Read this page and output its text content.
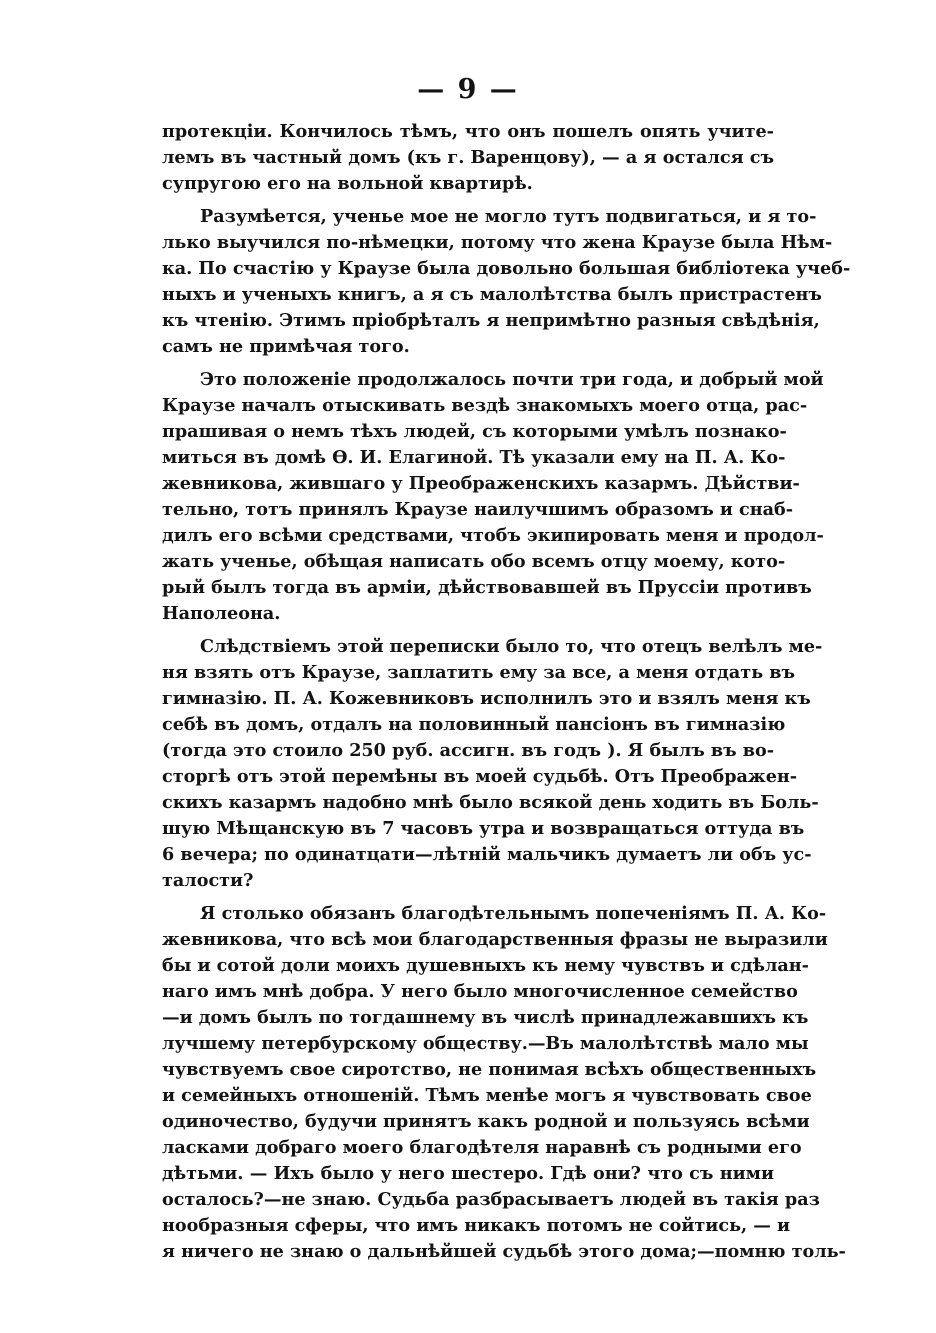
— 9 —
протекціи. Кончилось тѣмъ, что онъ пошелъ опять учите-
лемъ въ частный домъ (къ г. Варенцову), — а я остался съ
супругою его на вольной квартирѣ.
Разумѣется, ученье мое не могло тутъ подвигаться, и я то-
лько выучился по-нѣмецки, потому что жена Краузе была Нѣм-
ка. По счастію у Краузе была довольно большая библіотека учеб-
ныхъ и ученыхъ книгъ, а я съ малолѣтства былъ пристрастенъ
къ чтенію. Этимъ пріобрѣталъ я непримѣтно разныя свѣдѣнія,
самъ не примѣчая того.
Это положеніе продолжалось почти три года, и добрый мой
Краузе началъ отыскивать вездѣ знакомыхъ моего отца, рас-
прашивая о немъ тѣхъ людей, съ которыми умѣлъ познако-
миться въ домѣ Ѳ. И. Елагиной. Тѣ указали ему на П. А. Ко-
жевникова, жившаго у Преображенскихъ казармъ. Дѣйстви-
тельно, тотъ принялъ Краузе наилучшимъ образомъ и снаб-
дилъ его всѣми средствами, чтобъ экипировать меня и продол-
жать ученье, обѣщая написать обо всемъ отцу моему, кото-
рый былъ тогда въ арміи, дѣйствовавшей въ Пруссіи противъ
Наполеона.
Слѣдствіемъ этой переписки было то, что отецъ велѣлъ ме-
ня взять отъ Краузе, заплатить ему за все, а меня отдать въ
гимназію. П. А. Кожевниковъ исполнилъ это и взялъ меня къ
себѣ въ домъ, отдалъ на половинный пансіонъ въ гимназію
(тогда это стоило 250 руб. ассигн. въ годъ ). Я былъ въ во-
сторгѣ отъ этой перемѣны въ моей судьбѣ. Отъ Преображен-
скихъ казармъ надобно мнѣ было всякой день ходить въ Боль-
шую Мѣщанскую въ 7 часовъ утра и возвращаться оттуда въ
6 вечера; по одинатцати—лѣтній мальчикъ думаетъ ли объ ус-
талости?
Я столько обязанъ благодѣтельнымъ попеченіямъ П. А. Ко-
жевникова, что всѣ мои благодарственныя фразы не выразили
бы и сотой доли моихъ душевныхъ къ нему чувствъ и сдѣлан-
наго имъ мнѣ добра. У него было многочисленное семейство
—и домъ былъ по тогдашнему въ числѣ принадлежавшихъ къ
лучшему петербурскому обществу.—Въ малолѣтствѣ мало мы
чувствуемъ свое сиротство, не понимая всѣхъ общественныхъ
и семейныхъ отношеній. Тѣмъ менѣе могъ я чувствовать свое
одиночество, будучи принятъ какъ родной и пользуясь всѣми
ласками добраго моего благодѣтеля наравнѣ съ родными его
дѣтьми. — Ихъ было у него шестеро. Гдѣ они? что съ ними
осталось?—не знаю. Судьба разбрасываетъ людей въ такія раз
нообразныя сферы, что имъ никакъ потомъ не сойтись, — и
я ничего не знаю о дальнѣйшей судьбѣ этого дома;—помню толь-
